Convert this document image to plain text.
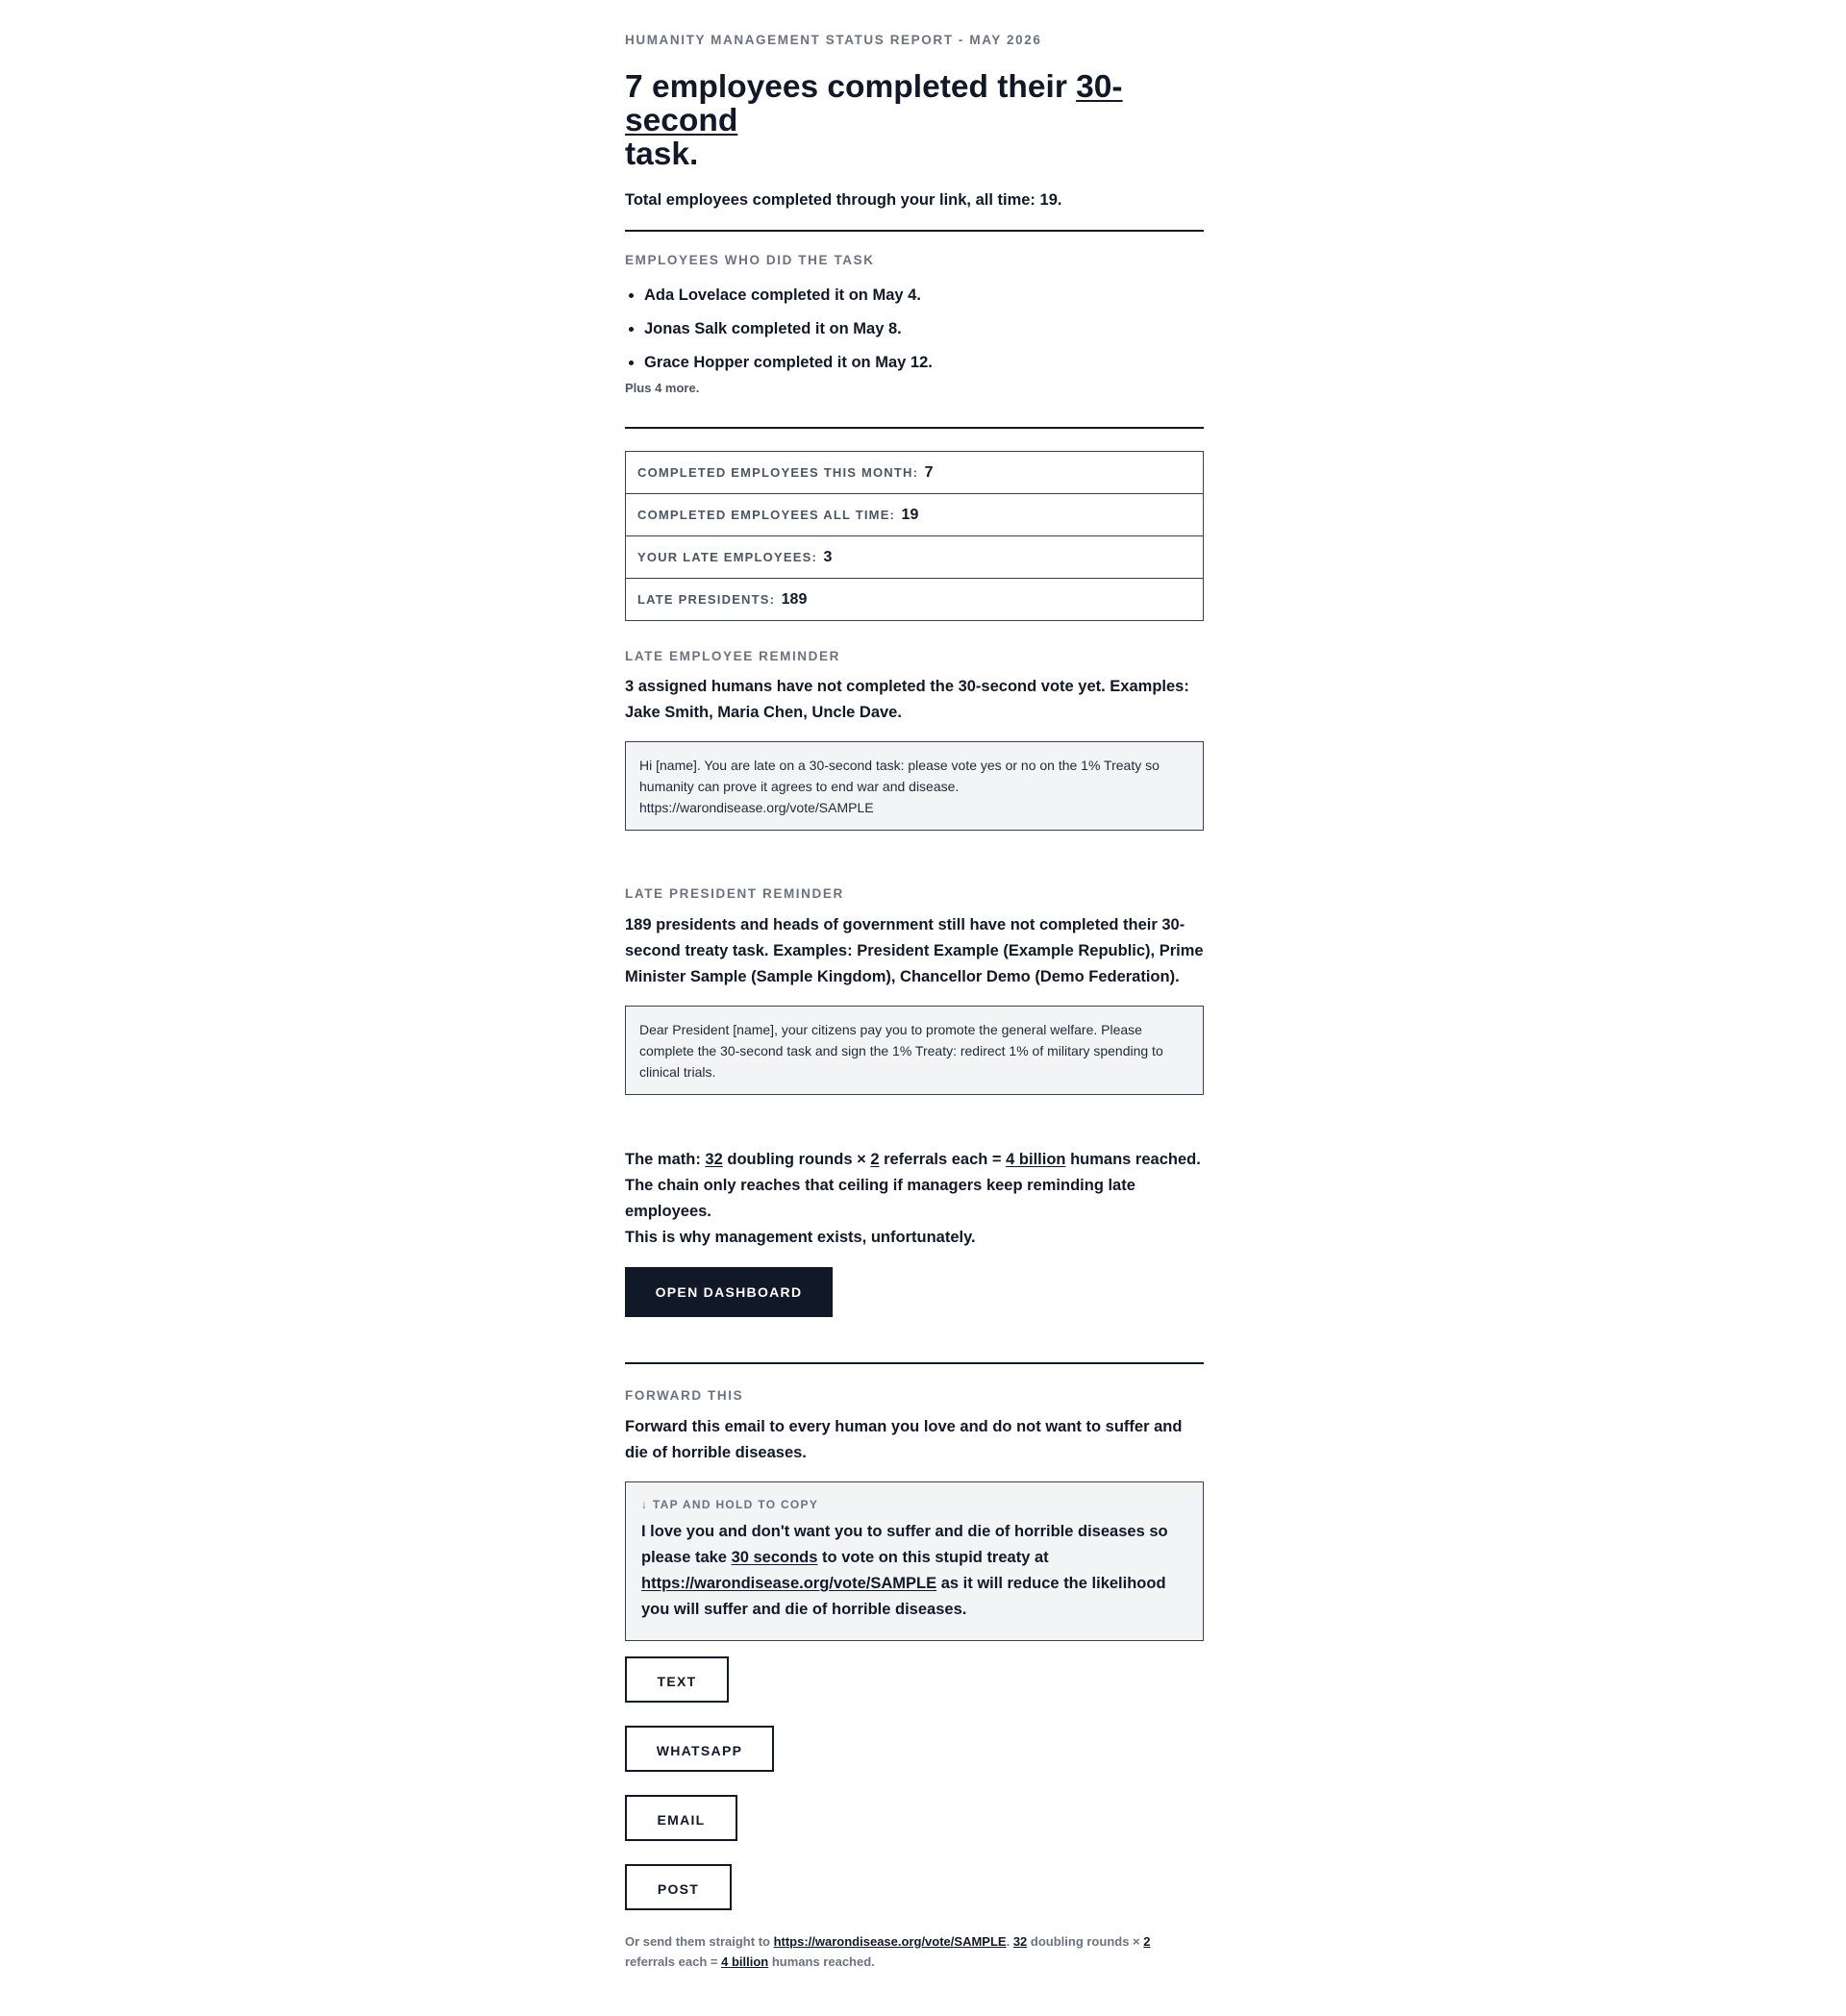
HUMANITY MANAGEMENT STATUS REPORT - MAY 2026

7 employees completed their 30-second
task.

Total employees completed through your link, all time: 19.

EMPLOYEES WHO DID THE TASK

• Ada Lovelace completed it on May 4.
• Jonas Salk completed it on May 8.
• Grace Hopper completed it on May 12.

Plus 4 more.

COMPLETED EMPLOYEES THIS MONTH: 7
COMPLETED EMPLOYEES ALL TIME: 19
YOUR LATE EMPLOYEES: 3
LATE PRESIDENTS: 189

LATE EMPLOYEE REMINDER

3 assigned humans have not completed the 30-second vote yet. Examples: Jake Smith, Maria Chen, Uncle Dave.

Hi [name]. You are late on a 30-second task: please vote yes or no on the 1% Treaty so humanity can prove it agrees to end war and disease.
https://warondisease.org/vote/SAMPLE

LATE PRESIDENT REMINDER

189 presidents and heads of government still have not completed their 30-second treaty task. Examples: President Example (Example Republic), Prime Minister Sample (Sample Kingdom), Chancellor Demo (Demo Federation).

Dear President [name], your citizens pay you to promote the general welfare. Please complete the 30-second task and sign the 1% Treaty: redirect 1% of military spending to clinical trials.

The math: 32 doubling rounds × 2 referrals each = 4 billion humans reached.
The chain only reaches that ceiling if managers keep reminding late employees.
This is why management exists, unfortunately.

OPEN DASHBOARD

FORWARD THIS

Forward this email to every human you love and do not want to suffer and die of horrible diseases.

↓ TAP AND HOLD TO COPY
I love you and don't want you to suffer and die of horrible diseases so please take 30 seconds to vote on this stupid treaty at https://warondisease.org/vote/SAMPLE as it will reduce the likelihood you will suffer and die of horrible diseases.
TEXT
WHATSAPP
EMAIL
POST

Or send them straight to https://warondisease.org/vote/SAMPLE. 32 doubling rounds × 2 referrals each = 4 billion humans reached.
